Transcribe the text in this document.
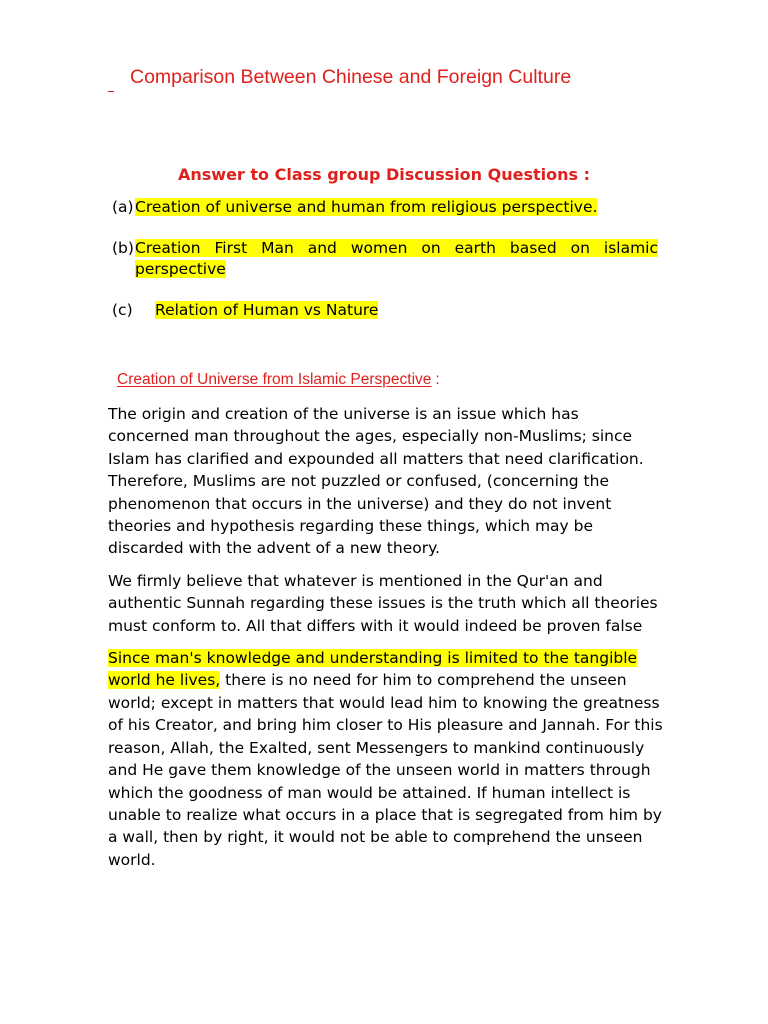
Comparison Between Chinese and Foreign Culture
Answer to Class group Discussion Questions :
(a) Creation of universe and human from religious perspective.
(b) Creation First Man and women on earth based on islamic perspective
(c)	Relation of Human vs Nature
Creation of Universe from Islamic Perspective :

The origin and creation of the universe is an issue which has concerned man throughout the ages, especially non-Muslims; since Islam has clarified and expounded all matters that need clarification. Therefore, Muslims are not puzzled or confused, (concerning the phenomenon that occurs in the universe) and they do not invent theories and hypothesis regarding these things, which may be discarded with the advent of a new theory.

We firmly believe that whatever is mentioned in the Qur'an and authentic Sunnah regarding these issues is the truth which all theories must conform to. All that differs with it would indeed be proven false

Since man's knowledge and understanding is limited to the tangible world he lives, there is no need for him to comprehend the unseen world; except in matters that would lead him to knowing the greatness of his Creator, and bring him closer to His pleasure and Jannah. For this reason, Allah, the Exalted, sent Messengers to mankind continuously and He gave them knowledge of the unseen world in matters through which the goodness of man would be attained. If human intellect is unable to realize what occurs in a place that is segregated from him by a wall, then by right, it would not be able to comprehend the unseen world.
